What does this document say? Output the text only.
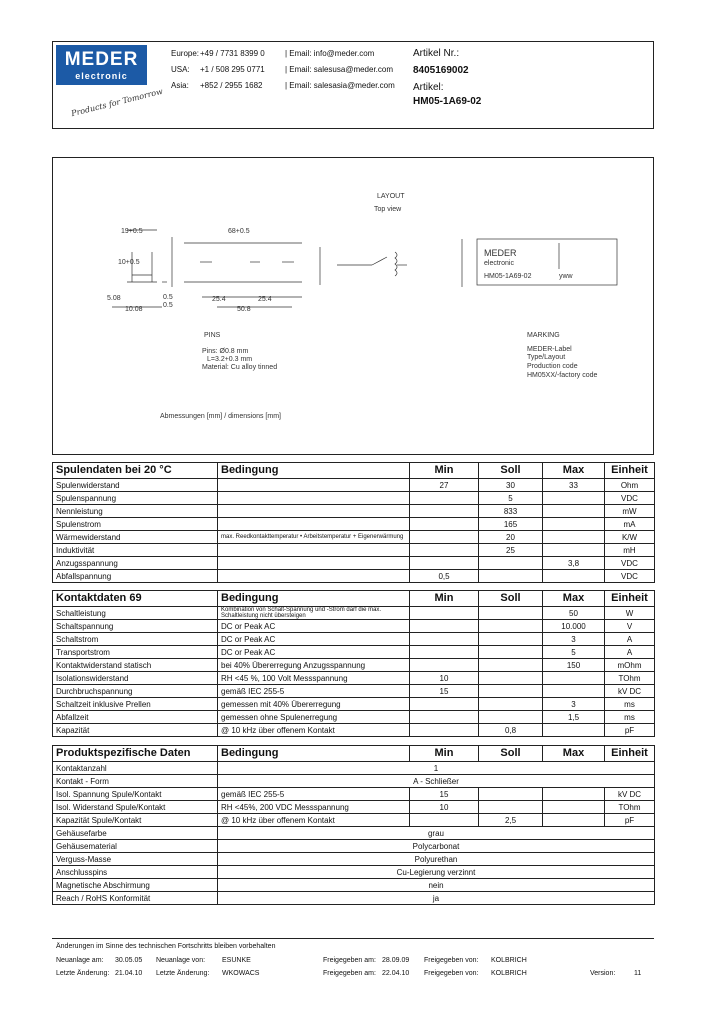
MEDER
electronic
Products for Tomorrow
Europe: +49 / 7731 8399 0	| Email: info@meder.com
USA: +1 / 508 295 0771	| Email: salesusa@meder.com
Asia: +852 / 2955 1682	| Email: salesasia@meder.com
Artikel Nr.:
8405169002
Artikel:
HM05-1A69-02
LAYOUT
Top view
19+0.5	68+0.5
10+0.5
5.08
10.08
0.5
0.5
25.4	25.4
50.8
PINS
Pins: Ø0.8 mm
L=3.2+0.3 mm
Material: Cu alloy tinned
MARKING
MEDER-Label
Type/Layout
Production code
HM05XX/-factory code
Abmessungen [mm] / dimensions [mm]
MEDER
electronic
HM05-1A69-02	yww
Spulendaten bei 20 °C	Bedingung	Min	Soll	Max	Einheit
Spulenwiderstand		27	30	33	Ohm
Spulenspannung			5		VDC
Nennleistung			833		mW
Spulenstrom			165		mA
Wärmewiderstand	max. Reedkontakttemperatur • Arbeitstemperatur + Eigenerwärmung		20		K/W
Induktivität			25		mH
Anzugsspannung				3,8	VDC
Abfallspannung		0,5			VDC
Kontaktdaten 69	Bedingung	Min	Soll	Max	Einheit
Schaltleistung	Kombination von Schalt-Spannung und -Strom darf die max. Schaltleistung nicht übersteigen			50	W
Schaltspannung	DC or Peak AC			10.000	V
Schaltstrom	DC or Peak AC			3	A
Transportstrom	DC or Peak AC			5	A
Kontaktwiderstand statisch	bei 40% Übererregung Anzugsspannung			150	mOhm
Isolationswiderstand	RH <45 %, 100 Volt Messspannung	10			TOhm
Durchbruchspannung	gemäß IEC 255-5	15			kV DC
Schaltzeit inklusive Prellen	gemessen mit 40% Übererregung			3	ms
Abfallzeit	gemessen ohne Spulenerregung			1,5	ms
Kapazität	@ 10 kHz über offenem Kontakt		0,8		pF
Produktspezifische Daten	Bedingung	Min	Soll	Max	Einheit
Kontaktanzahl	1				
Kontakt - Form	A - Schließer				
Isol. Spannung Spule/Kontakt	gemäß IEC 255-5	15			kV DC
Isol. Widerstand Spule/Kontakt	RH <45%, 200 VDC Messspannung	10			TOhm
Kapazität Spule/Kontakt	@ 10 kHz über offenem Kontakt		2,5		pF
Gehäusefarbe	grau				
Gehäusematerial	Polycarbonat				
Verguss-Masse	Polyurethan				
Anschlusspins	Cu-Legierung verzinnt				
Magnetische Abschirmung	nein				
Reach / RoHS Konformität	ja				
Änderungen im Sinne des technischen Fortschritts bleiben vorbehalten
Neuanlage am: 30.05.05 Neuanlage von: ESUNKE	Freigegeben am: 28.09.09 Freigegeben von: KOLBRICH
Letzte Änderung: 21.04.10 Letzte Änderung: WKOWACS	Freigegeben am: 22.04.10 Freigegeben von: KOLBRICH	Version:	11
